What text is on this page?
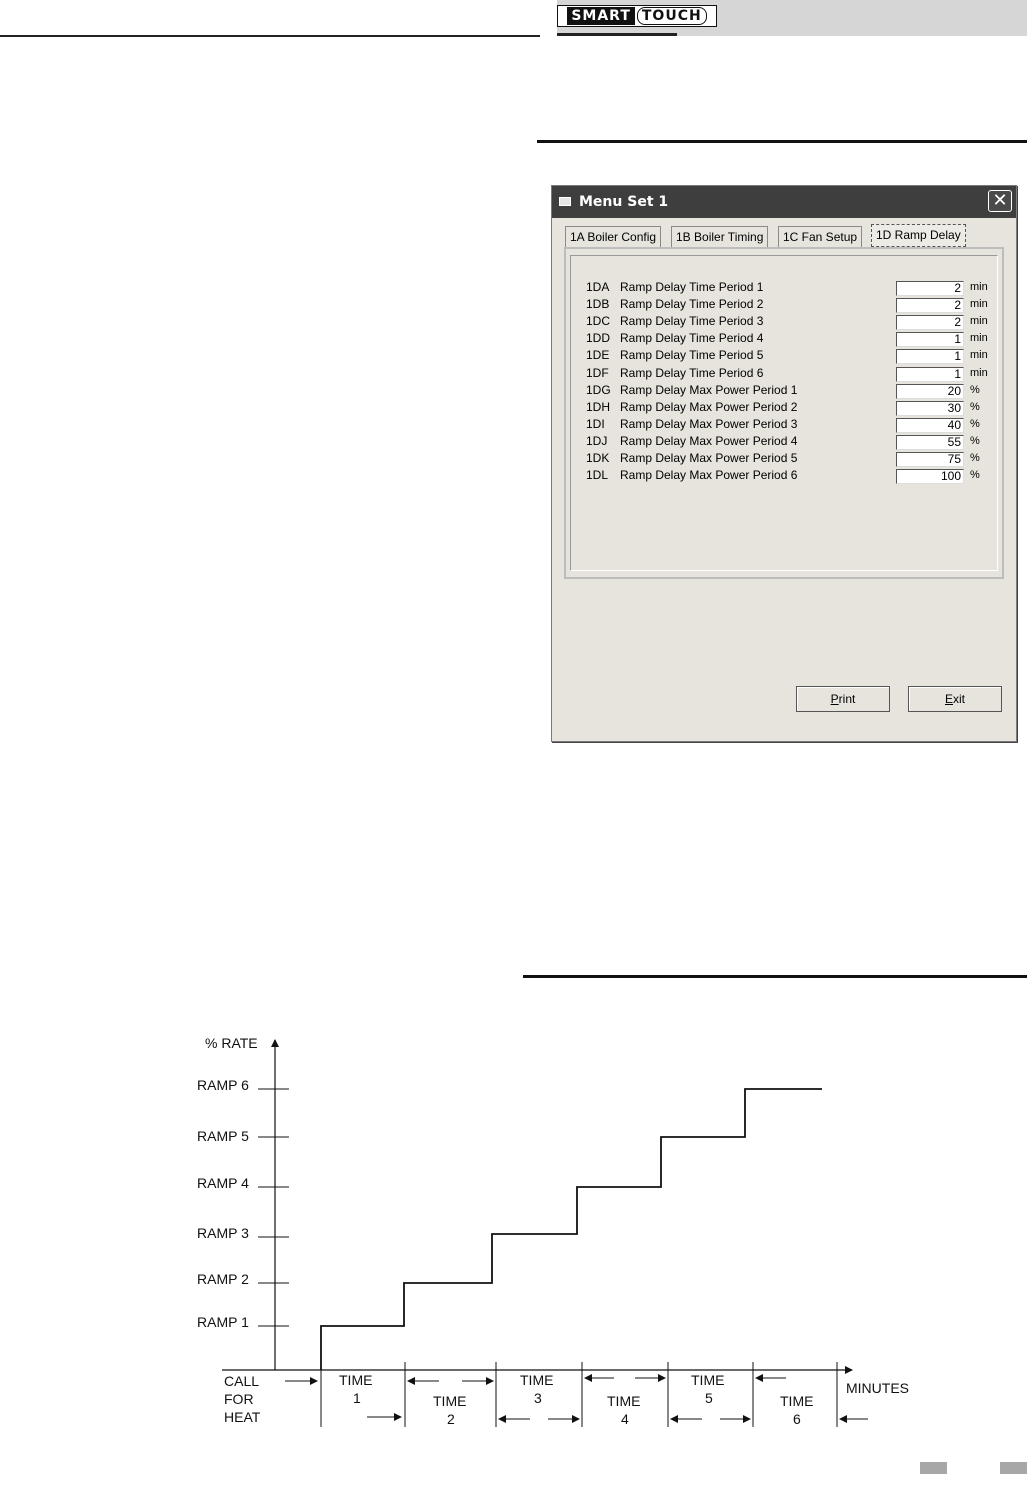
SMART TOUCH
Menu Set 1	✕
1A Boiler Config	1B Boiler Timing	1C Fan Setup	1D Ramp Delay
Print	Exit
1DA Ramp Delay Time Period 1	2 min
1DB Ramp Delay Time Period 2	2 min
1DC Ramp Delay Time Period 3	2 min
1DD Ramp Delay Time Period 4	1 min
1DE Ramp Delay Time Period 5	1 min
1DF Ramp Delay Time Period 6	1 min
1DG Ramp Delay Max Power Period 1	20 %
1DH Ramp Delay Max Power Period 2	30 %
1DI Ramp Delay Max Power Period 3	40 %
1DJ Ramp Delay Max Power Period 4	55 %
1DK Ramp Delay Max Power Period 5	75 %
1DL Ramp Delay Max Power Period 6	100 %
% RATE
MINUTES
RAMP 1
RAMP 2
RAMP 3
RAMP 4
RAMP 5
RAMP 6
CALL
FOR
HEAT
TIME
1	TIME
2
TIME
3	TIME
4
TIME
5	TIME
6
